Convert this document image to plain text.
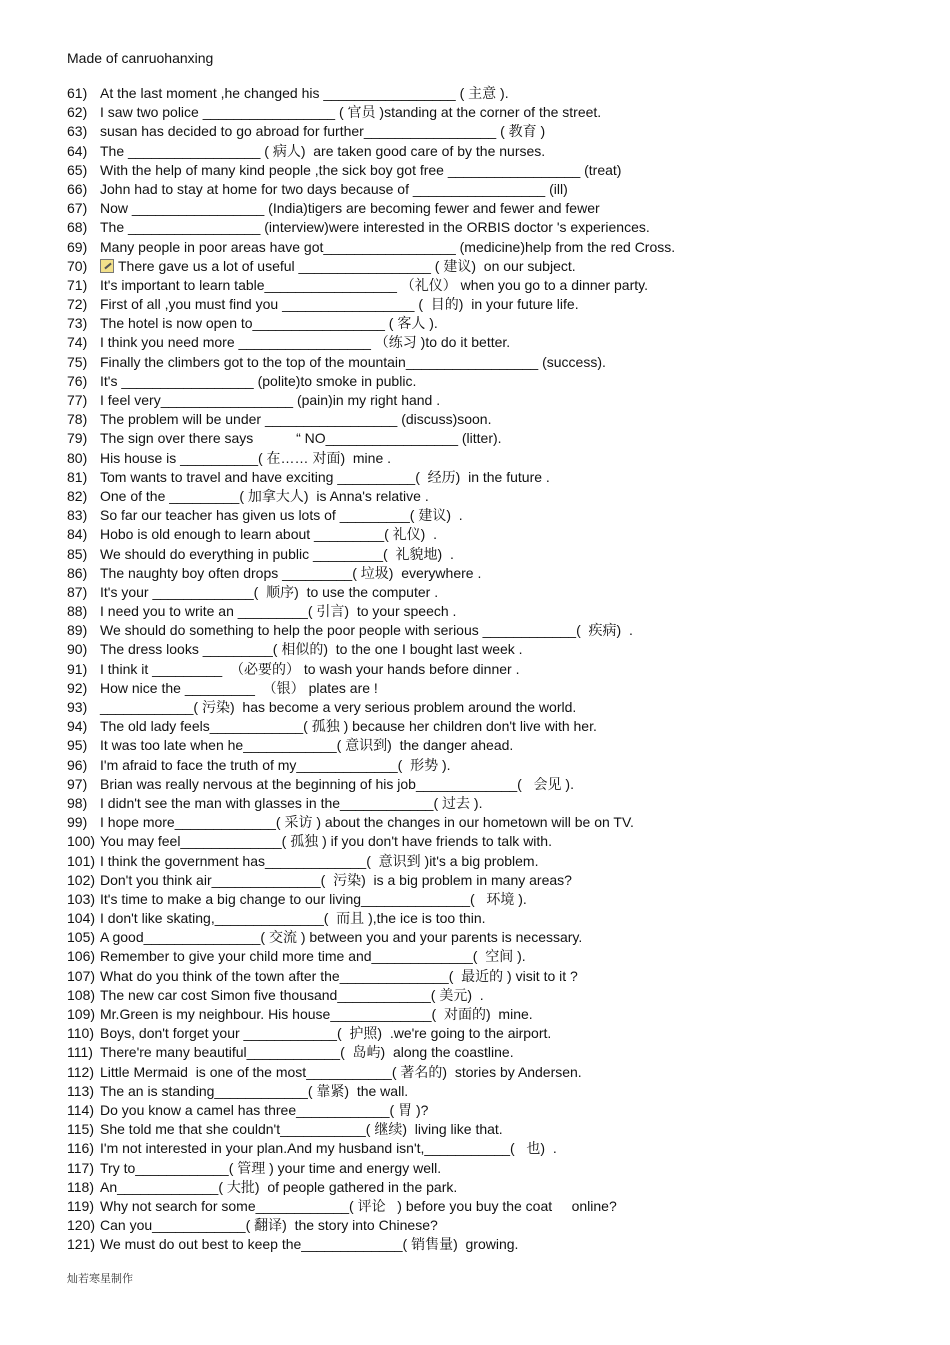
Made of canruohanxing
61) At the last moment ,he changed his _________________ ( 主意 ).
62) I saw two police _________________ ( 官员 )standing at the corner of the street.
63) susan has decided to go abroad for further_________________ ( 教育 )
64) The _________________ ( 病人)  are taken good care of by the nurses.
65) With the help of many kind people ,the sick boy got free _________________ (treat)
66) John had to stay at home for two days because of _________________ (ill)
67) Now _________________ (India)tigers are becoming fewer and fewer and fewer
68) The _________________ (interview)were interested in the ORBIS doctor 's experiences.
69) Many people in poor areas have got_________________ (medicine)help from the red Cross.
70)	There gave us a lot of useful _________________ ( 建议)  on our subject.
71) It's important to learn table_________________ （礼仪） when you go to a dinner party.
72) First of all ,you must find you _________________ (  目的)  in your future life.
73) The hotel is now open to_________________ ( 客人 ).
74) I think you need more _________________ （练习 )to do it better.
75) Finally the climbers got to the top of the mountain_________________ (success).
76) It's _________________ (polite)to smoke in public.
77) I feel very_________________ (pain)in my right hand .
78) The problem will be under _________________ (discuss)soon.
79) The sign over there says           “ NO_________________ (litter).
80) His house is __________( 在…… 对面)  mine .
81) Tom wants to travel and have exciting __________(  经历)  in the future .
82) One of the _________( 加拿大人)  is Anna's relative .
83) So far our teacher has given us lots of _________( 建议)  .
84) Hobo is old enough to learn about _________( 礼仪)  .
85) We should do everything in public _________(  礼貌地)  .
86) The naughty boy often drops _________( 垃圾)  everywhere .
87) It's your _____________(  顺序)  to use the computer .
88) I need you to write an _________( 引言)  to your speech .
89) We should do something to help the poor people with serious ____________(  疾病)  .
90) The dress looks _________( 相似的)  to the one I bought last week .
91) I think it _________  （必要的） to wash your hands before dinner .
92) How nice the _________  （银） plates are !
93) ____________( 污染)  has become a very serious problem around the world.
94) The old lady feels____________( 孤独 ) because her children don't live with her.
95) It was too late when he____________( 意识到)  the danger ahead.
96) I'm afraid to face the truth of my_____________(  形势 ).
97) Brian was really nervous at the beginning of his job_____________(   会见 ).
98) I didn't see the man with glasses in the____________( 过去 ).
99) I hope more_____________( 采访 ) about the changes in our hometown will be on TV.
100) You may feel_____________( 孤独 ) if you don't have friends to talk with.
101) I think the government has_____________(  意识到 )it's a big problem.
102) Don't you think air______________(  污染)  is a big problem in many areas?
103) It's time to make a big change to our living______________(   环境 ).
104) I don't like skating,______________(  而且 ),the ice is too thin.
105) A good_______________( 交流 ) between you and your parents is necessary.
106) Remember to give your child more time and_____________(  空间 ).
107) What do you think of the town after the______________(  最近的 ) visit to it ?
108) The new car cost Simon five thousand____________( 美元)  .
109) Mr.Green is my neighbour. His house_____________(  对面的)  mine.
110) Boys, don't forget your ____________(  护照)  .we're going to the airport.
111) There're many beautiful____________(  岛屿)  along the coastline.
112) Little Mermaid  is one of the most___________( 著名的)  stories by Andersen.
113) The an is standing____________( 靠紧)  the wall.
114) Do you know a camel has three____________( 胃 )?
115) She told me that she couldn't___________( 继续)  living like that.
116) I'm not interested in your plan.And my husband isn't,___________(   也)  .
117) Try to____________( 管理 ) your time and energy well.
118) An_____________( 大批)  of people gathered in the park.
119) Why not search for some____________( 评论   ) before you buy the coat     online?
120) Can you____________( 翻译)  the story into Chinese?
121) We must do out best to keep the_____________( 销售量)  growing.
灿若寒星制作
